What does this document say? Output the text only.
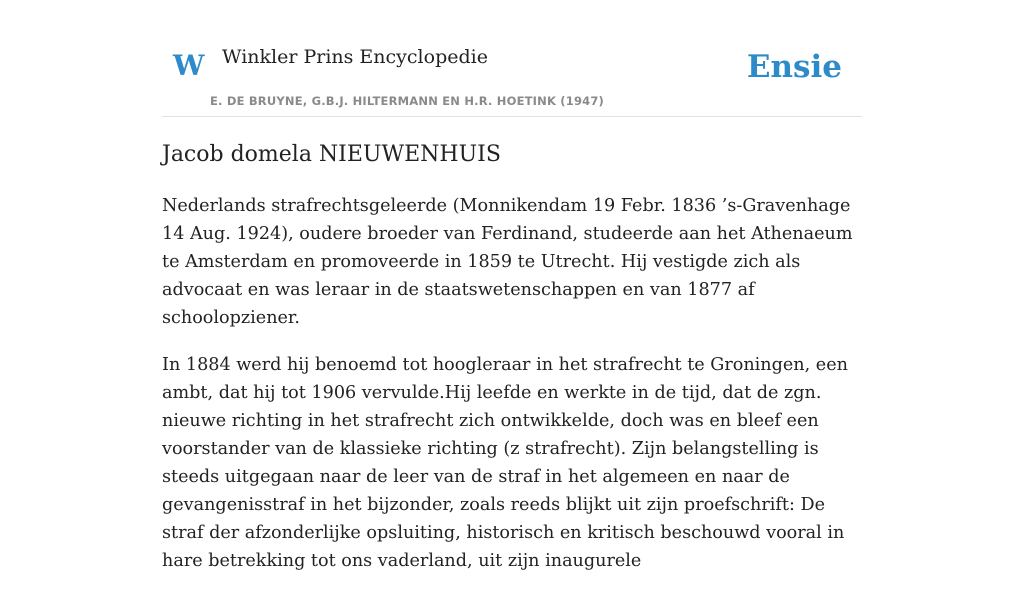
W Winkler Prins Encyclopedie
E. DE BRUYNE, G.B.J. HILTERMANN EN H.R. HOETINK (1947)
Ensie
Jacob domela NIEUWENHUIS

Nederlands strafrechtsgeleerde (Monnikendam 19 Febr. 1836 ’s-Gravenhage 14 Aug. 1924), oudere broeder van Ferdinand, studeerde aan het Athenaeum te Amsterdam en promoveerde in 1859 te Utrecht. Hij vestigde zich als advocaat en was leraar in de staatswetenschappen en van 1877 af schoolopziener.

In 1884 werd hij benoemd tot hoogleraar in het strafrecht te Groningen, een ambt, dat hij tot 1906 vervulde.Hij leefde en werkte in de tijd, dat de zgn. nieuwe richting in het strafrecht zich ontwikkelde, doch was en bleef een voorstander van de klassieke richting (z strafrecht). Zijn belangstelling is steeds uitgegaan naar de leer van de straf in het algemeen en naar de gevangenisstraf in het bijzonder, zoals reeds blijkt uit zijn proefschrift: De straf der afzonderlijke opsluiting, historisch en kritisch beschouwd vooral in hare betrekking tot ons vaderland, uit zijn inaugurele
